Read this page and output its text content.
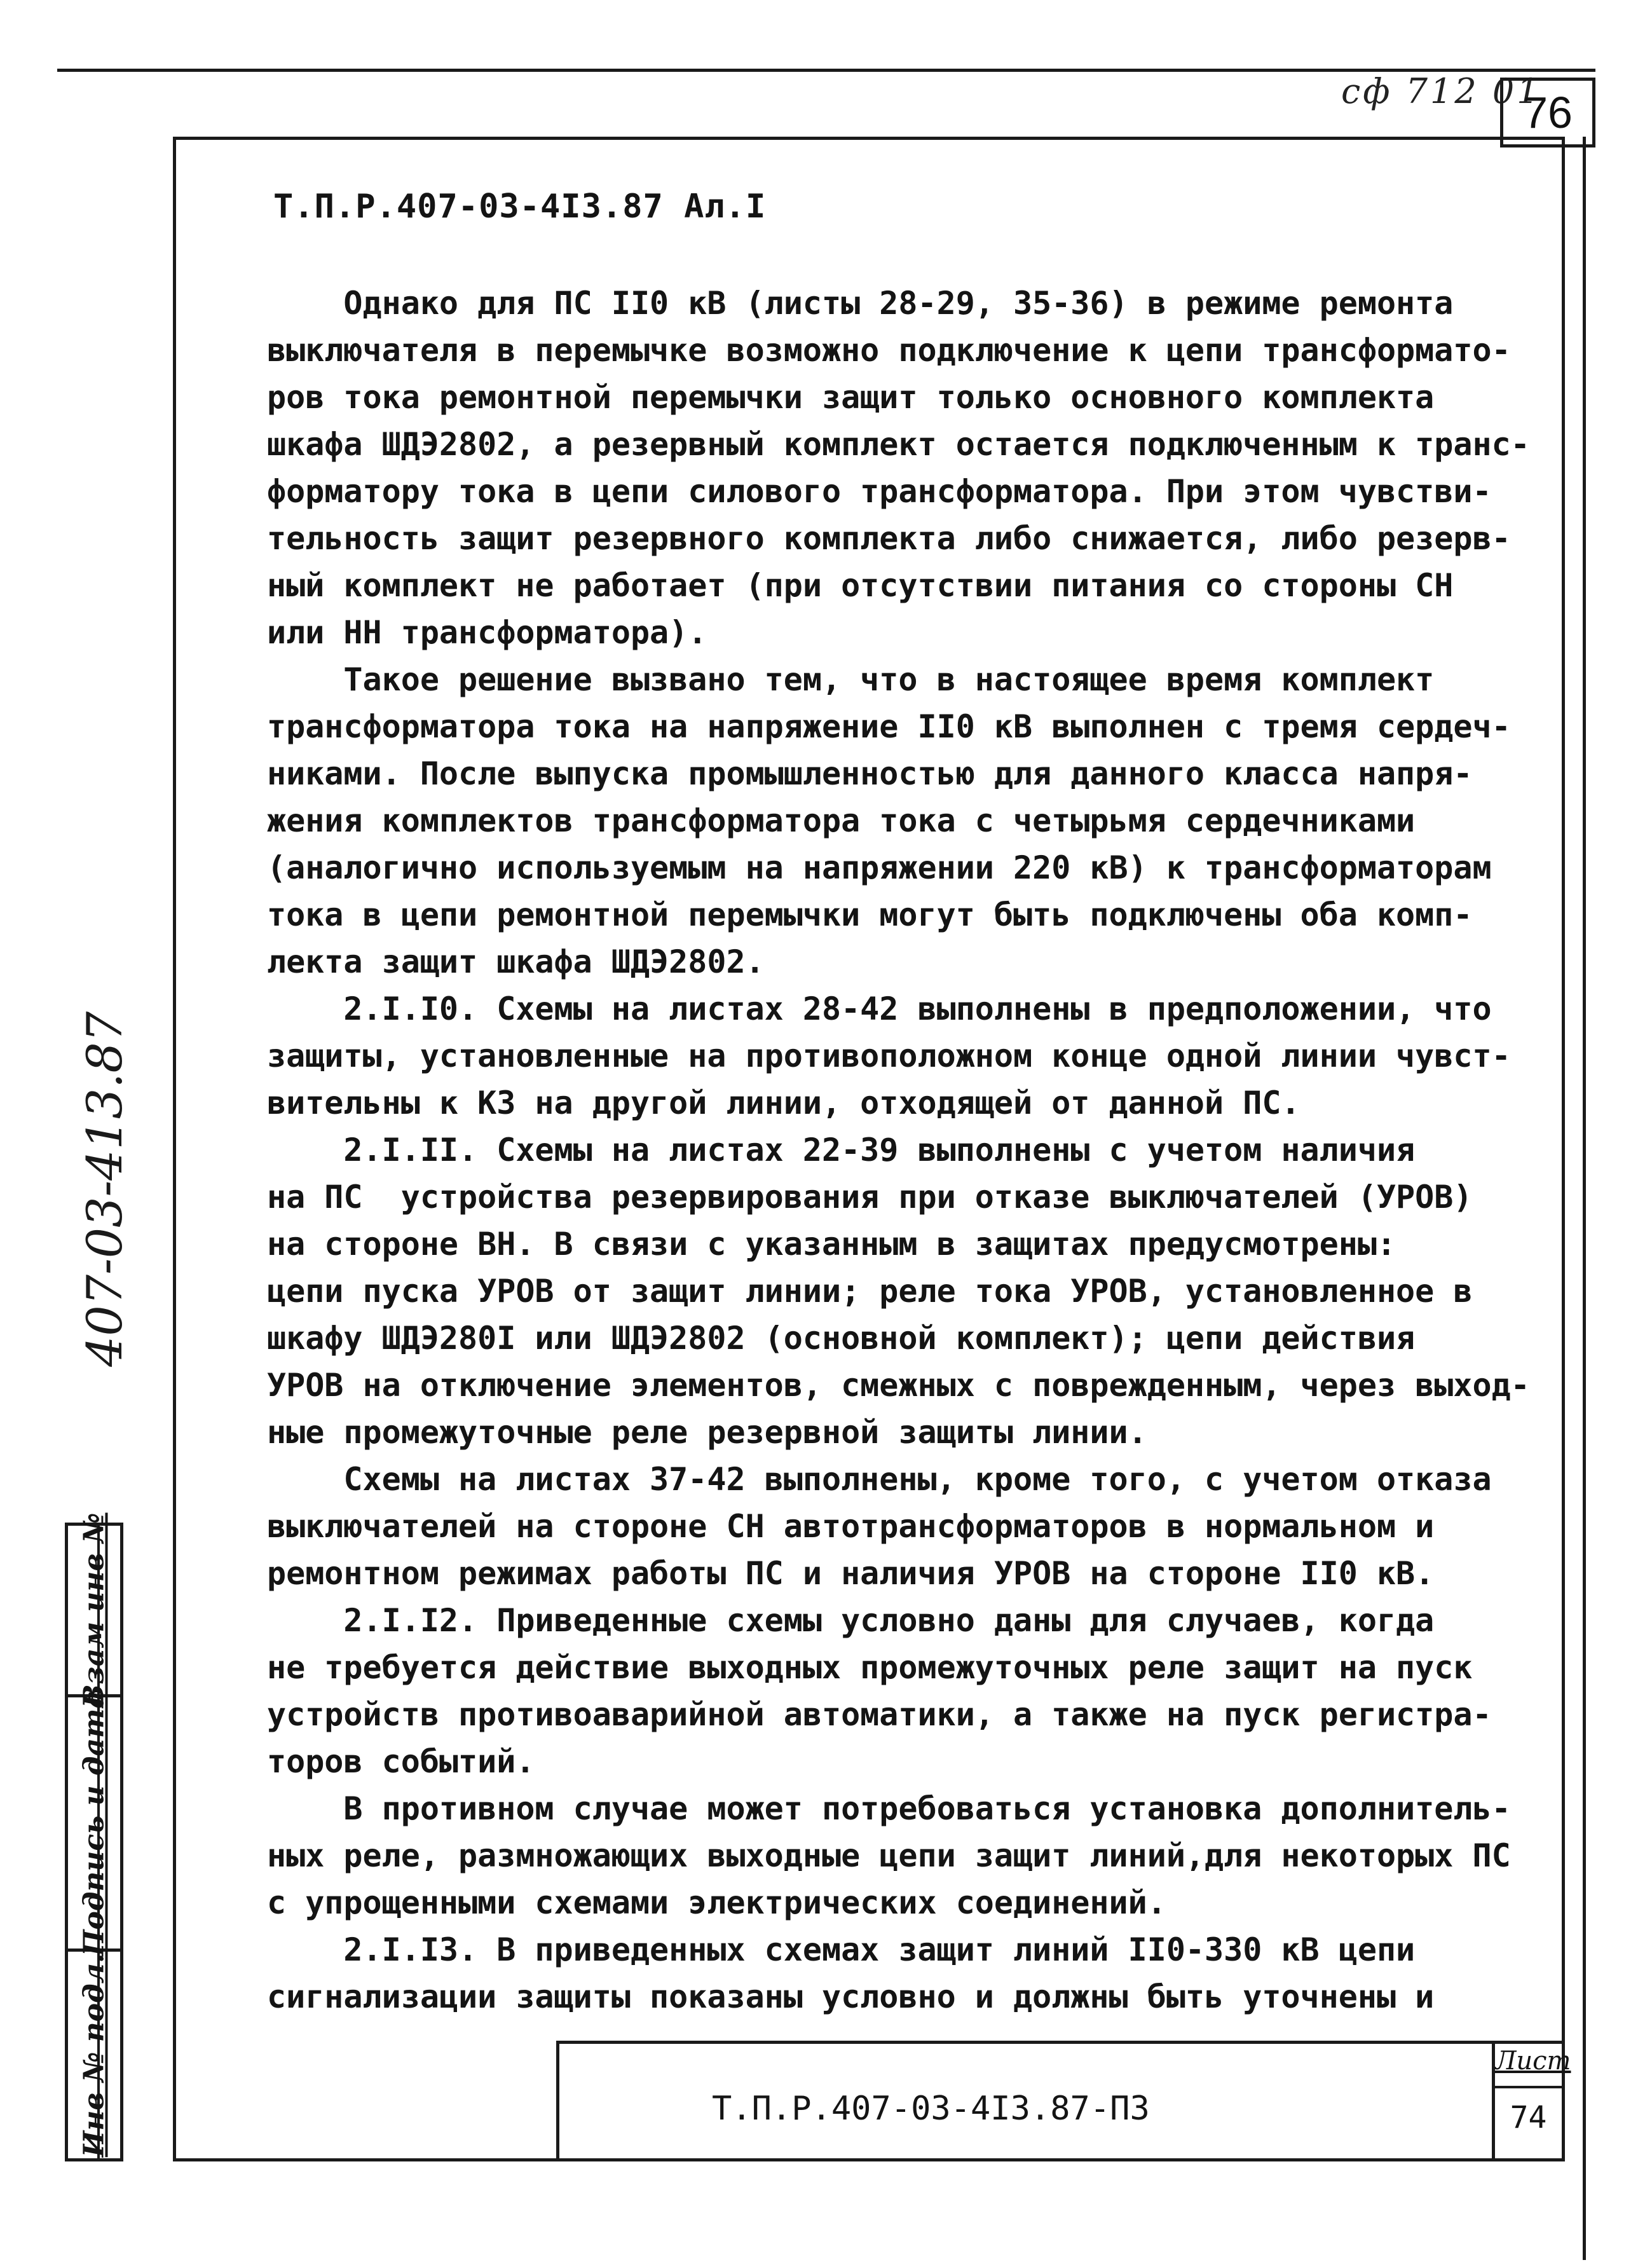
сф 712 01
76
Т.П.Р.407-03-4I3.87 Ал.I
Однако для ПС II0 кВ (листы 28-29, 35-36) в режиме ремонта
выключателя в перемычке возможно подключение к цепи трансформато-
ров тока ремонтной перемычки защит только основного комплекта
шкафа ШДЭ2802, а резервный комплект остается подключенным к транс-
форматору тока в цепи силового трансформатора. При этом чувстви-
тельность защит резервного комплекта либо снижается, либо резерв-
ный комплект не работает (при отсутствии питания со стороны СН
или НН трансформатора).
Такое решение вызвано тем, что в настоящее время комплект
трансформатора тока на напряжение II0 кВ выполнен с тремя сердеч-
никами. После выпуска промышленностью для данного класса напря-
жения комплектов трансформатора тока с четырьмя сердечниками
(аналогично используемым на напряжении 220 кВ) к трансформаторам
тока в цепи ремонтной перемычки могут быть подключены оба комп-
лекта защит шкафа ШДЭ2802.
2.I.I0. Схемы на листах 28-42 выполнены в предположении, что
защиты, установленные на противоположном конце одной линии чувст-
вительны к КЗ на другой линии, отходящей от данной ПС.
2.I.II. Схемы на листах 22-39 выполнены с учетом наличия
на ПС  устройства резервирования при отказе выключателей (УРОВ)
на стороне ВН. В связи с указанным в защитах предусмотрены:
цепи пуска УРОВ от защит линии; реле тока УРОВ, установленное в
шкафу ШДЭ280I или ШДЭ2802 (основной комплект); цепи действия
УРОВ на отключение элементов, смежных с поврежденным, через выход-
ные промежуточные реле резервной защиты линии.
Схемы на листах 37-42 выполнены, кроме того, с учетом отказа
выключателей на стороне СН автотрансформаторов в нормальном и
ремонтном режимах работы ПС и наличия УРОВ на стороне II0 кВ.
2.I.I2. Приведенные схемы условно даны для случаев, когда
не требуется действие выходных промежуточных реле защит на пуск
устройств противоаварийной автоматики, а также на пуск регистра-
торов событий.
В противном случае может потребоваться установка дополнитель-
ных реле, размножающих выходные цепи защит линий,для некоторых ПС
с упрощенными схемами электрических соединений.
2.I.I3. В приведенных схемах защит линий II0-330 кВ цепи
сигнализации защиты показаны условно и должны быть уточнены и
407-03-413.87
Взам инв №
Подпись и дата
Инв № подл.	Т.П.Р.407-03-4I3.87-ПЗ
Лист
74
